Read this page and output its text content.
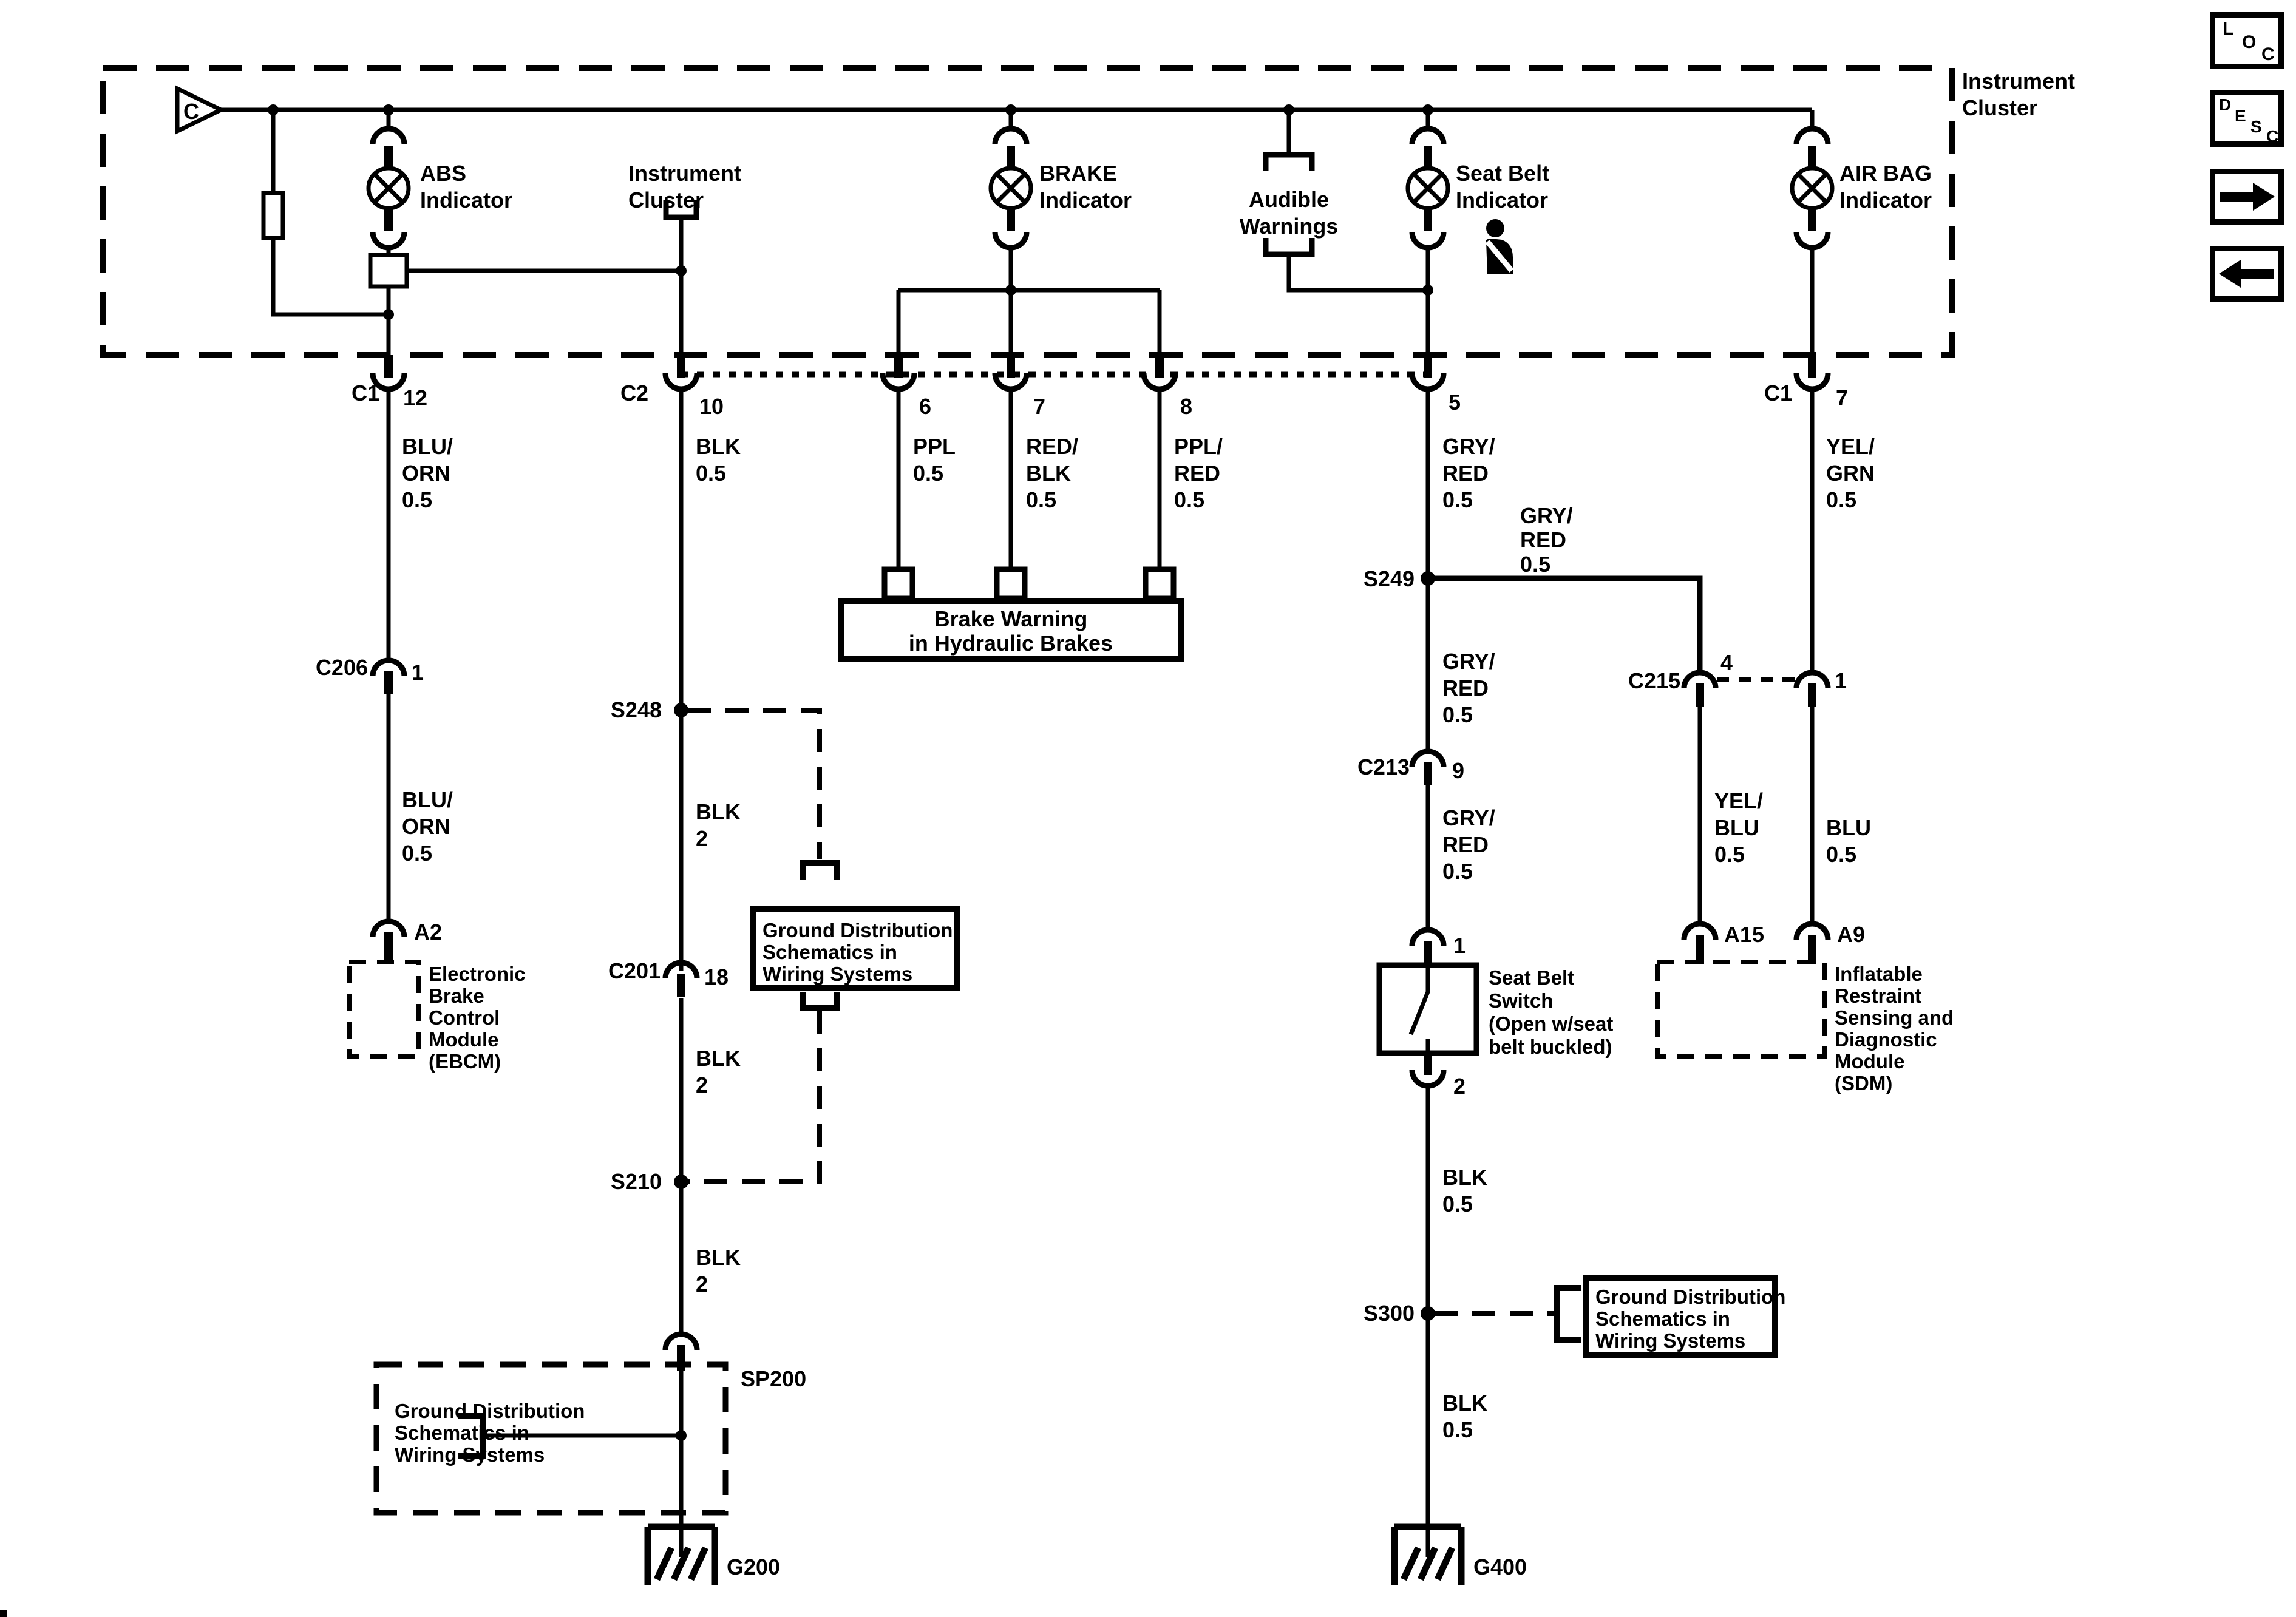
C
Instrument
Cluster
ABS
Indicator
Instrument
Cluster
BRAKE
Indicator	Audible
Warnings
Seat Belt
Indicator
AIR BAG
Indicator
C1 12	C2
10	6	7	8	5	C1 7
BLU/
ORN
0.5
BLK
0.5
PPL
0.5
RED/
BLK
0.5
PPL/
RED
0.5
GRY/
RED
0.5
YEL/
GRN
0.5
GRY/
RED
0.5
S249
S248
S210
S300
SP200
Brake Warning
in Hydraulic Brakes
C206 1
BLU/
ORN
0.5
A2
Electronic
Brake
Control
Module
(EBCM)
BLK
2
C201 18
BLK
2
BLK
2
Ground Distribution
Schematics in
Wiring Systems
GRY/
RED
0.5
C213 9
GRY/
RED
0.5
1
Seat Belt
Switch
(Open w/seat
belt buckled)
2
BLK
0.5
Ground Distribution
Schematics in
Wiring Systems
BLK
0.5
C215
4
1
YEL/
BLU
0.5
BLU
0.5
A15	A9
Inflatable
Restraint
Sensing and
Diagnostic
Module
(SDM)
Ground Distribution
Schematics in
Wiring Systems
G200	G400
L
O
C
D
E
S
C
